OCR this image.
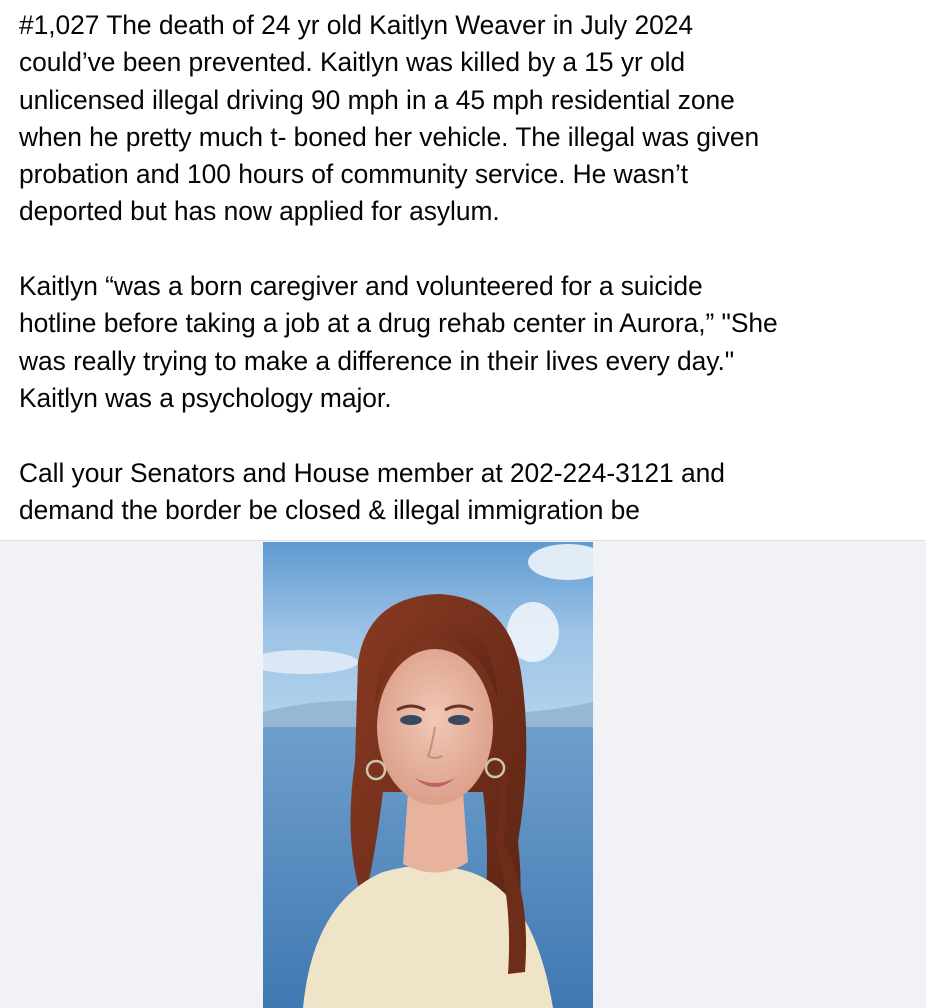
#1,027 The death of 24 yr old Kaitlyn Weaver in July 2024
could’ve been prevented. Kaitlyn was killed by a 15 yr old
unlicensed illegal driving 90 mph in a 45 mph residential zone
when he pretty much t- boned her vehicle. The illegal was given
probation and 100 hours of community service. He wasn’t
deported but has now applied for asylum.

Kaitlyn “was a born caregiver and volunteered for a suicide
hotline before taking a job at a drug rehab center in Aurora,” "She
was really trying to make a difference in their lives every day."
Kaitlyn was a psychology major.

Call your Senators and House member at 202-224-3121 and
demand the border be closed & illegal immigration be
